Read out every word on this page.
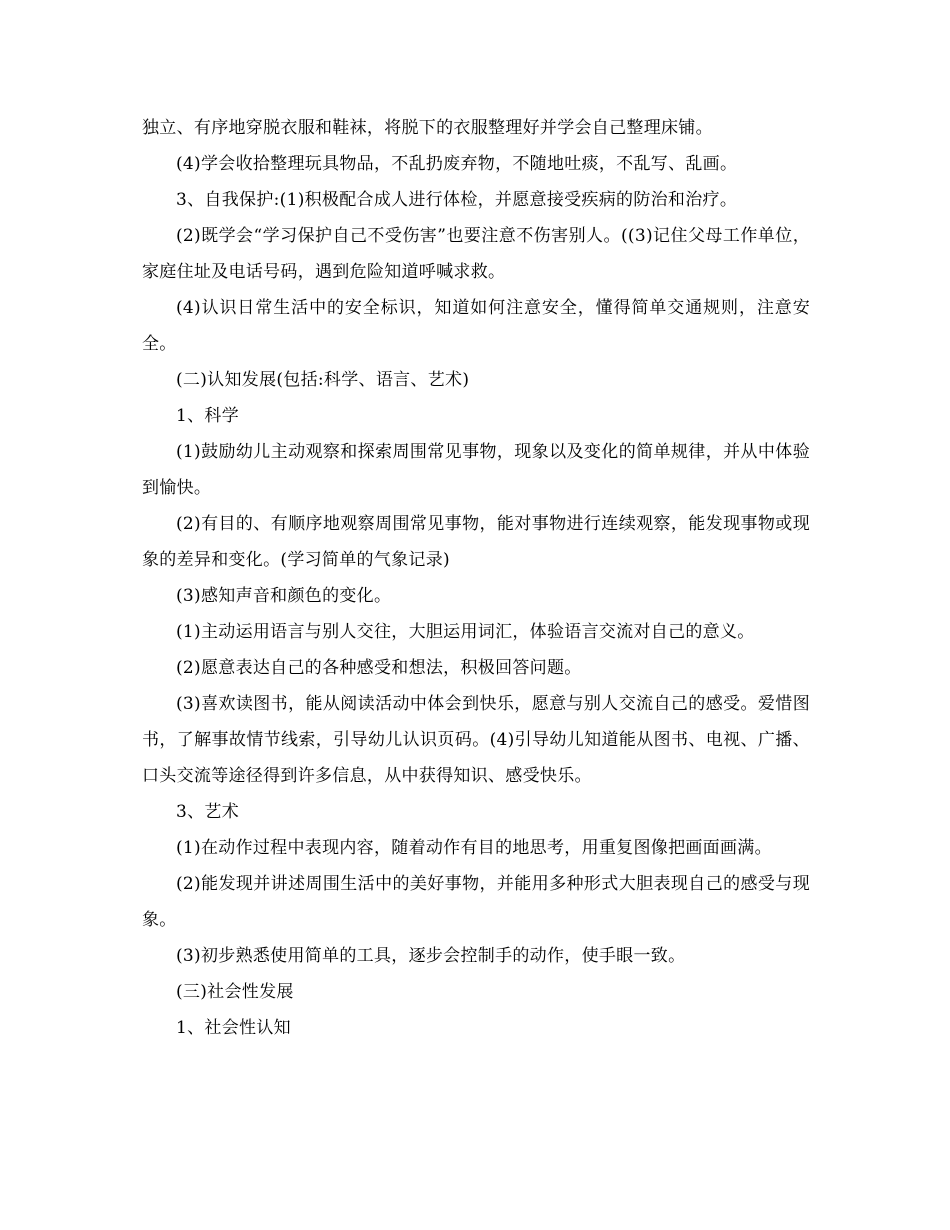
独立、有序地穿脱衣服和鞋袜，将脱下的衣服整理好并学会自己整理床铺。

(4)学会收拾整理玩具物品，不乱扔废弃物，不随地吐痰，不乱写、乱画。

3、自我保护:(1)积极配合成人进行体检，并愿意接受疾病的防治和治疗。

(2)既学会“学习保护自己不受伤害”也要注意不伤害别人。((3)记住父母工作单位，家庭住址及电话号码，遇到危险知道呼喊求救。

(4)认识日常生活中的安全标识，知道如何注意安全，懂得简单交通规则，注意安全。

(二)认知发展(包括:科学、语言、艺术)

1、科学

(1)鼓励幼儿主动观察和探索周围常见事物，现象以及变化的简单规律，并从中体验到愉快。

(2)有目的、有顺序地观察周围常见事物，能对事物进行连续观察，能发现事物或现象的差异和变化。(学习简单的气象记录)

(3)感知声音和颜色的变化。

(1)主动运用语言与别人交往，大胆运用词汇，体验语言交流对自己的意义。

(2)愿意表达自己的各种感受和想法，积极回答问题。

(3)喜欢读图书，能从阅读活动中体会到快乐，愿意与别人交流自己的感受。爱惜图书，了解事故情节线索，引导幼儿认识页码。(4)引导幼儿知道能从图书、电视、广播、口头交流等途径得到许多信息，从中获得知识、感受快乐。

3、艺术

(1)在动作过程中表现内容，随着动作有目的地思考，用重复图像把画面画满。

(2)能发现并讲述周围生活中的美好事物，并能用多种形式大胆表现自己的感受与现象。

(3)初步熟悉使用简单的工具，逐步会控制手的动作，使手眼一致。

(三)社会性发展

1、社会性认知
